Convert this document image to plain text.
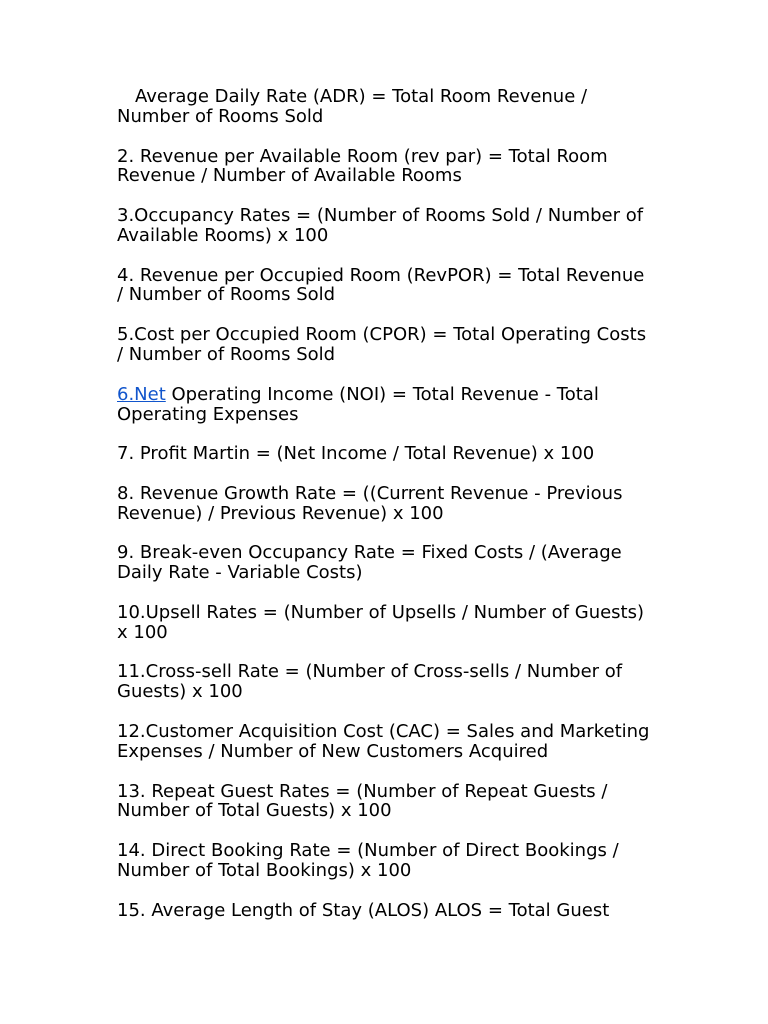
Average Daily Rate (ADR) = Total Room Revenue /
Number of Rooms Sold

2. Revenue per Available Room (rev par) = Total Room
Revenue / Number of Available Rooms

3.Occupancy Rates = (Number of Rooms Sold / Number of
Available Rooms) x 100

4. Revenue per Occupied Room (RevPOR) = Total Revenue
/ Number of Rooms Sold

5.Cost per Occupied Room (CPOR) = Total Operating Costs
/ Number of Rooms Sold

6.Net Operating Income (NOI) = Total Revenue - Total
Operating Expenses

7. Profit Martin = (Net Income / Total Revenue) x 100

8. Revenue Growth Rate = ((Current Revenue - Previous
Revenue) / Previous Revenue) x 100

9. Break-even Occupancy Rate = Fixed Costs / (Average
Daily Rate - Variable Costs)

10.Upsell Rates = (Number of Upsells / Number of Guests)
x 100

11.Cross-sell Rate = (Number of Cross-sells / Number of
Guests) x 100

12.Customer Acquisition Cost (CAC) = Sales and Marketing
Expenses / Number of New Customers Acquired

13. Repeat Guest Rates = (Number of Repeat Guests /
Number of Total Guests) x 100

14. Direct Booking Rate = (Number of Direct Bookings /
Number of Total Bookings) x 100

15. Average Length of Stay (ALOS) ALOS = Total Guest
